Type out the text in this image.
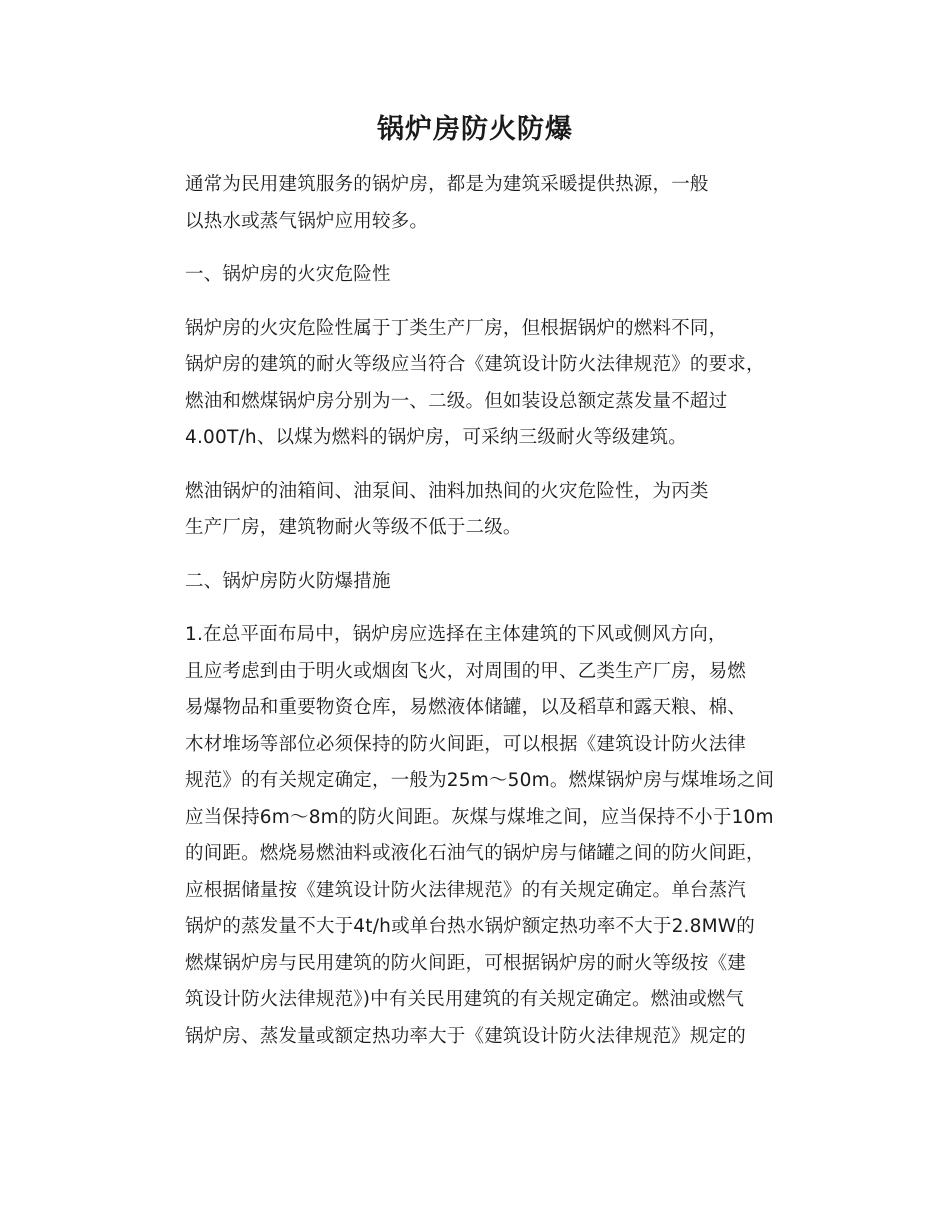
锅炉房防火防爆
通常为民用建筑服务的锅炉房，都是为建筑采暖提供热源，一般
以热水或蒸气锅炉应用较多。
一、锅炉房的火灾危险性
锅炉房的火灾危险性属于丁类生产厂房，但根据锅炉的燃料不同，
锅炉房的建筑的耐火等级应当符合《建筑设计防火法律规范》的要求，
燃油和燃煤锅炉房分别为一、二级。但如装设总额定蒸发量不超过
4.00T/h、以煤为燃料的锅炉房，可采纳三级耐火等级建筑。
燃油锅炉的油箱间、油泵间、油料加热间的火灾危险性，为丙类
生产厂房，建筑物耐火等级不低于二级。
二、锅炉房防火防爆措施
1.在总平面布局中，锅炉房应选择在主体建筑的下风或侧风方向，
且应考虑到由于明火或烟囱飞火，对周围的甲、乙类生产厂房，易燃
易爆物品和重要物资仓库，易燃液体储罐，以及稻草和露天粮、棉、
木材堆场等部位必须保持的防火间距，可以根据《建筑设计防火法律
规范》的有关规定确定，一般为25m～50m。燃煤锅炉房与煤堆场之间
应当保持6m～8m的防火间距。灰煤与煤堆之间，应当保持不小于10m
的间距。燃烧易燃油料或液化石油气的锅炉房与储罐之间的防火间距，
应根据储量按《建筑设计防火法律规范》的有关规定确定。单台蒸汽
锅炉的蒸发量不大于4t/h或单台热水锅炉额定热功率不大于2.8MW的
燃煤锅炉房与民用建筑的防火间距，可根据锅炉房的耐火等级按《建
筑设计防火法律规范》)中有关民用建筑的有关规定确定。燃油或燃气
锅炉房、蒸发量或额定热功率大于《建筑设计防火法律规范》规定的
